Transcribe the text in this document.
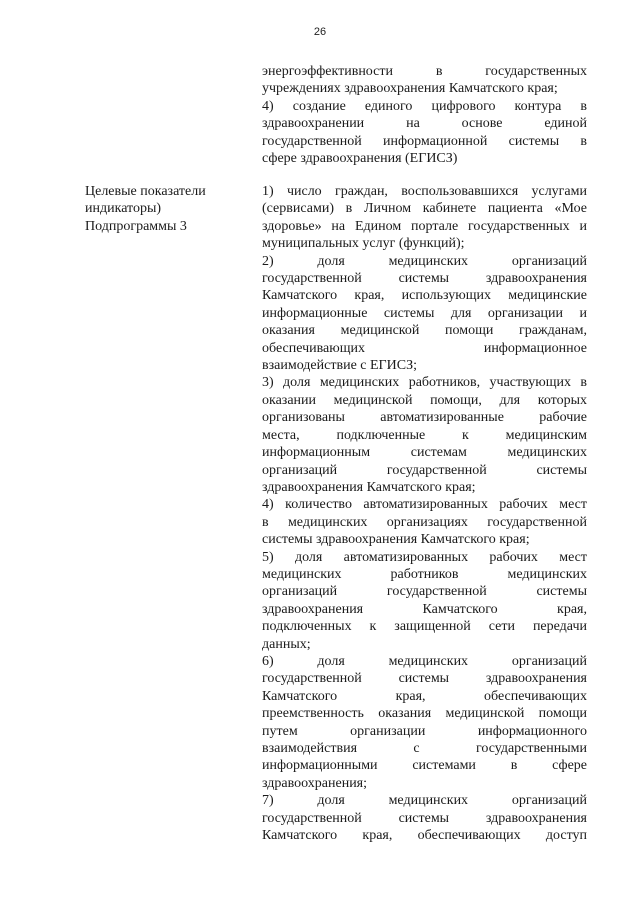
26
энергоэффективности в государственных
учреждениях здравоохранения Камчатского края;
4) создание единого цифрового контура в
здравоохранении на основе единой
государственной информационной системы в
сфере здравоохранения (ЕГИСЗ)
Целевые показатели
индикаторы)
Подпрограммы 3
1) число граждан, воспользовавшихся услугами
(сервисами) в Личном кабинете пациента «Мое
здоровье» на Едином портале государственных и
муниципальных услуг (функций);
2) доля медицинских организаций
государственной системы здравоохранения
Камчатского края, использующих медицинские
информационные системы для организации и
оказания медицинской помощи гражданам,
обеспечивающих информационное
взаимодействие с ЕГИСЗ;
3) доля медицинских работников, участвующих в
оказании медицинской помощи, для которых
организованы автоматизированные рабочие
места, подключенные к медицинским
информационным системам медицинских
организаций государственной системы
здравоохранения Камчатского края;
4) количество автоматизированных рабочих мест
в медицинских организациях государственной
системы здравоохранения Камчатского края;
5) доля автоматизированных рабочих мест
медицинских работников медицинских
организаций государственной системы
здравоохранения Камчатского края,
подключенных к защищенной сети передачи
данных;
6) доля медицинских организаций
государственной системы здравоохранения
Камчатского края, обеспечивающих
преемственность оказания медицинской помощи
путем организации информационного
взаимодействия с государственными
информационными системами в сфере
здравоохранения;
7) доля медицинских организаций
государственной системы здравоохранения
Камчатского края, обеспечивающих доступ
